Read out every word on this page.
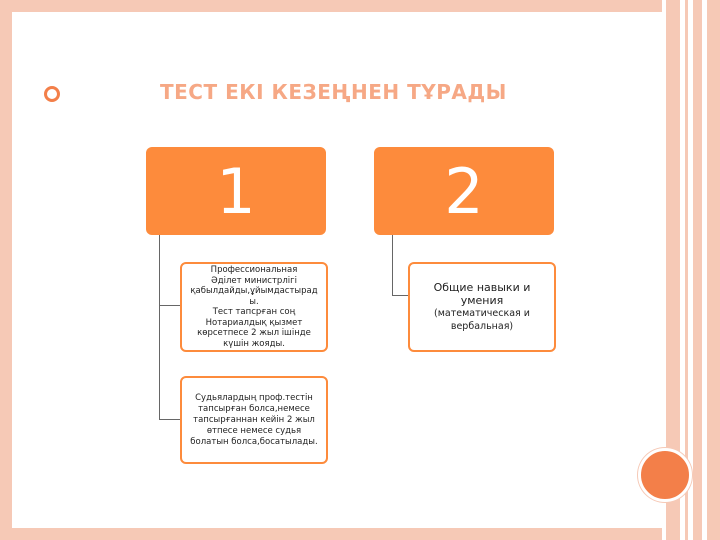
ТЕСТ ЕКІ КЕЗЕҢНЕН ТҰРАДЫ
1
Профессиональная
Әділет министрлігі
қабылдайды,ұйымдастырад
ы.
Тест тапсрған соң
Нотариалдық қызмет
көрсетпесе 2 жыл ішінде
күшін жояды.
Судьялардың проф.тестін
тапсырған болса,немесе
тапсырғаннан кейін 2 жыл
өтпесе немесе судья
болатын болса,босатылады.
2
Общие навыки и
умения
(математическая и
вербальная)
